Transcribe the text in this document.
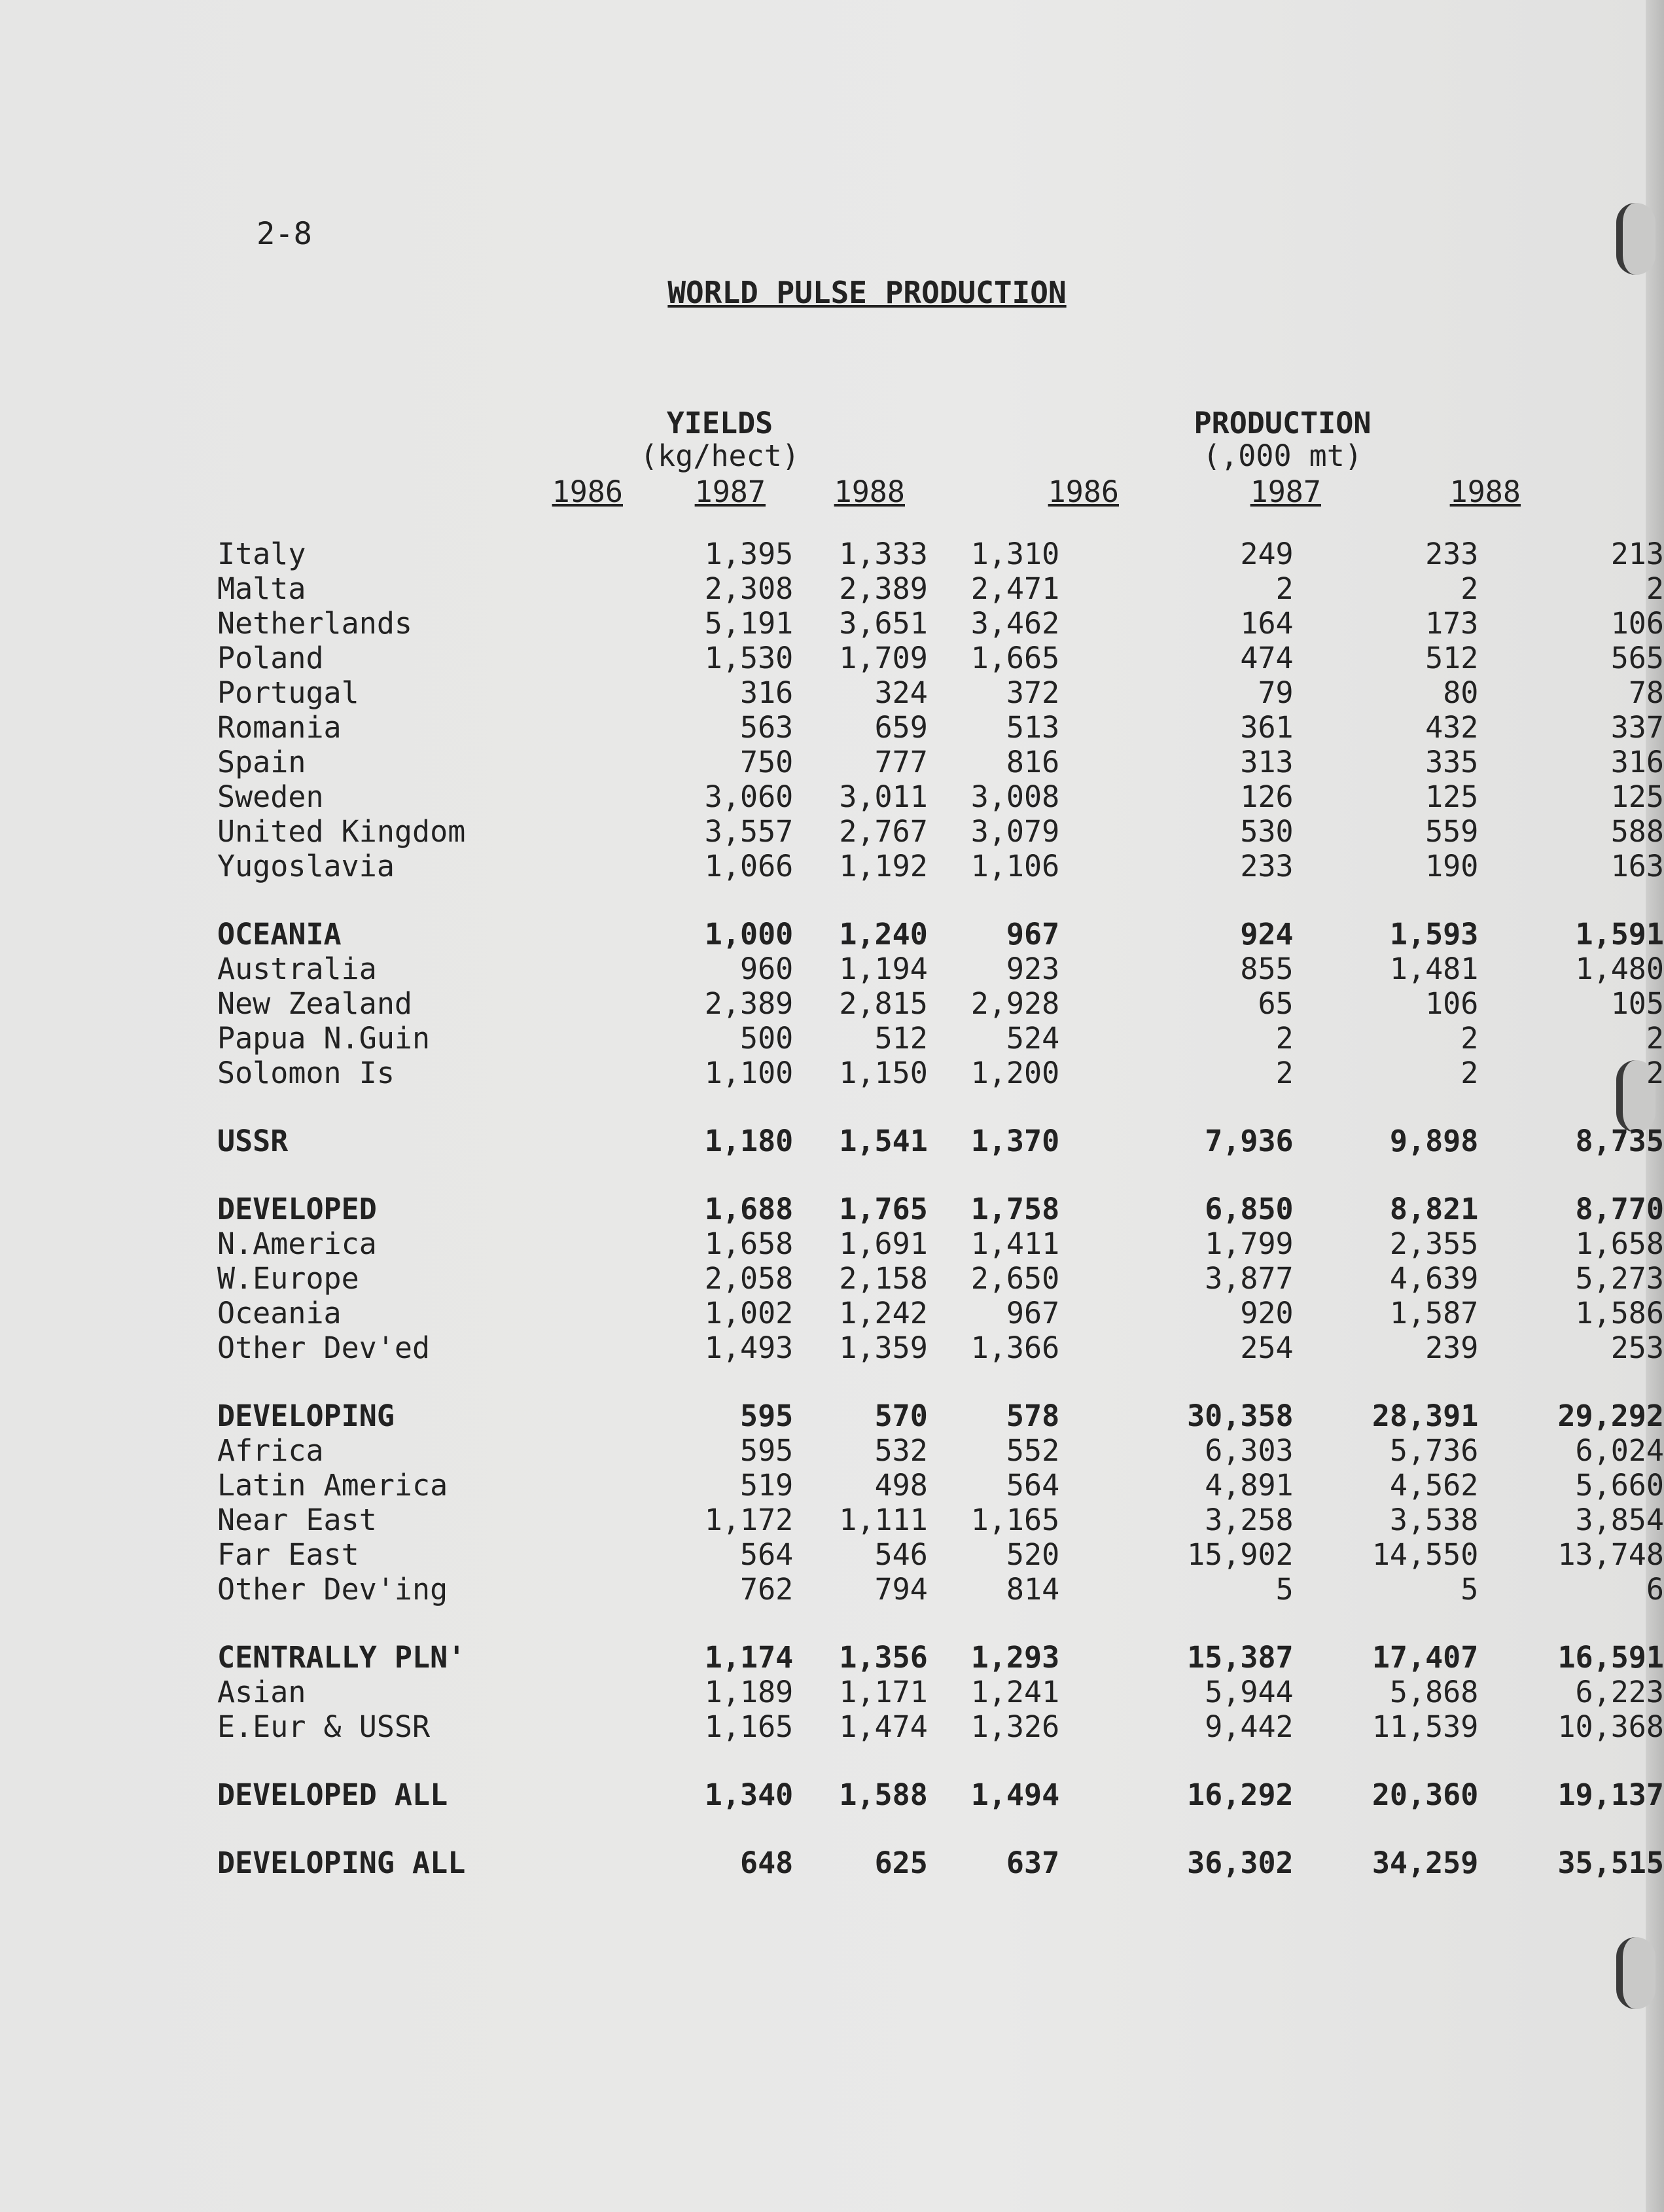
2-8
WORLD PULSE PRODUCTION
YIELDS
(kg/hect)
PRODUCTION
(,000 mt)
1986	1987	1988	1986	1987	1988
Italy	1,395	1,333	1,310	249	233	213
Malta	2,308	2,389	2,471	2	2	2
Netherlands	5,191	3,651	3,462	164	173	106
Poland	1,530	1,709	1,665	474	512	565
Portugal	316	324	372	79	80	78
Romania	563	659	513	361	432	337
Spain	750	777	816	313	335	316
Sweden	3,060	3,011	3,008	126	125	125
United Kingdom	3,557	2,767	3,079	530	559	588
Yugoslavia	1,066	1,192	1,106	233	190	163

OCEANIA	1,000	1,240	967	924	1,593	1,591
Australia	960	1,194	923	855	1,481	1,480
New Zealand	2,389	2,815	2,928	65	106	105
Papua N.Guin	500	512	524	2	2	2
Solomon Is	1,100	1,150	1,200	2	2	2

USSR	1,180	1,541	1,370	7,936	9,898	8,735

DEVELOPED	1,688	1,765	1,758	6,850	8,821	8,770
N.America	1,658	1,691	1,411	1,799	2,355	1,658
W.Europe	2,058	2,158	2,650	3,877	4,639	5,273
Oceania	1,002	1,242	967	920	1,587	1,586
Other Dev'ed	1,493	1,359	1,366	254	239	253

DEVELOPING	595	570	578	30,358	28,391	29,292
Africa	595	532	552	6,303	5,736	6,024
Latin America	519	498	564	4,891	4,562	5,660
Near East	1,172	1,111	1,165	3,258	3,538	3,854
Far East	564	546	520	15,902	14,550	13,748
Other Dev'ing	762	794	814	5	5	6

CENTRALLY PLN'	1,174	1,356	1,293	15,387	17,407	16,591
Asian	1,189	1,171	1,241	5,944	5,868	6,223
E.Eur & USSR	1,165	1,474	1,326	9,442	11,539	10,368

DEVELOPED ALL	1,340	1,588	1,494	16,292	20,360	19,137

DEVELOPING ALL	648	625	637	36,302	34,259	35,515
